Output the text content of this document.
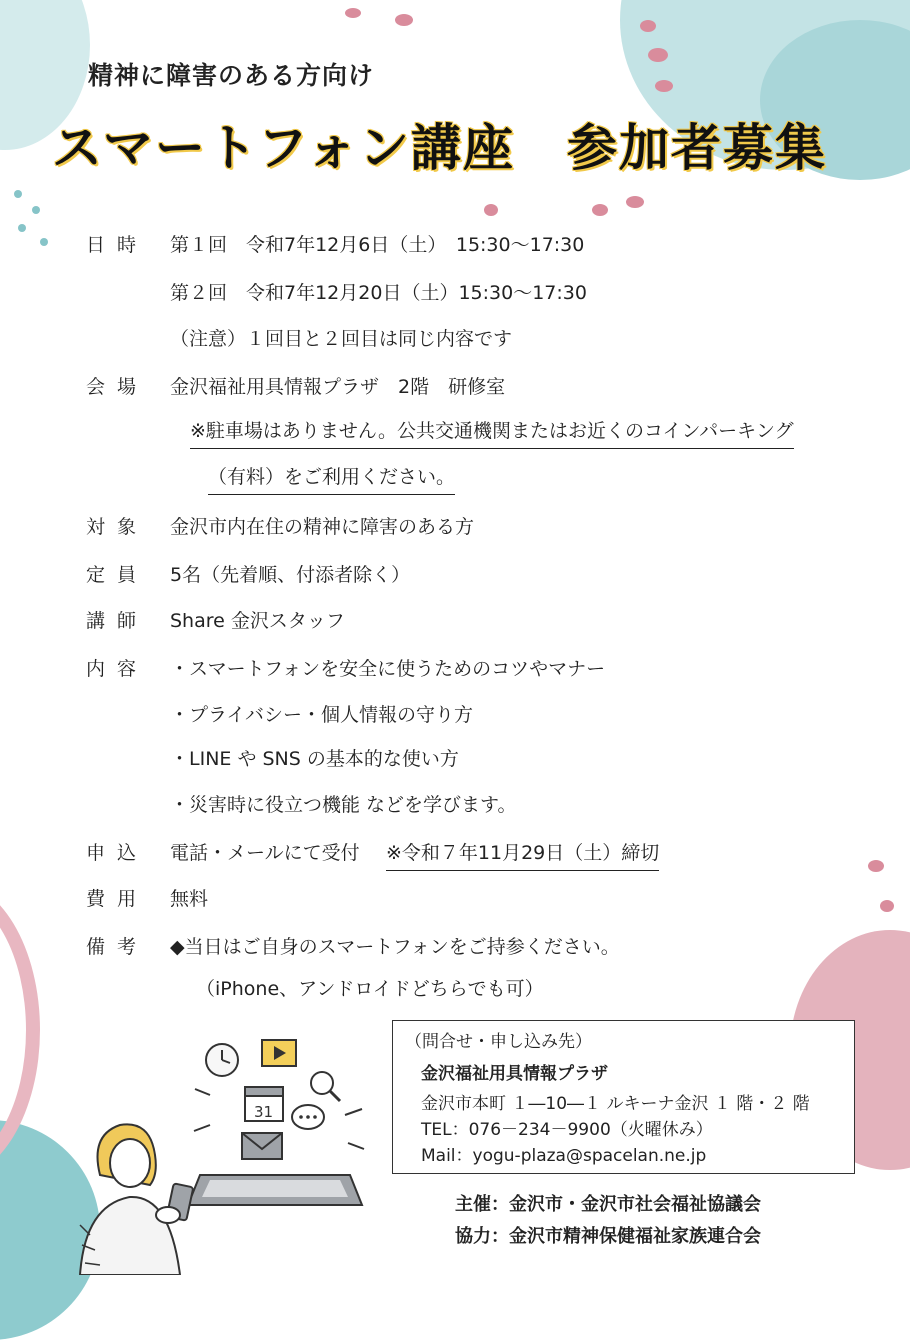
精神に障害のある方向け
スマートフォン講座　参加者募集
日時 第１回　令和7年12月6日（土）　15:30～17:30
第２回　令和7年12月20日（土）15:30～17:30
（注意）１回目と２回目は同じ内容です
会場 金沢福祉用具情報プラザ　2階　研修室
※駐車場はありません。公共交通機関またはお近くのコインパーキング
（有料）をご利用ください。
対象 金沢市内在住の精神に障害のある方
定員 5名（先着順、付添者除く）
講師 Share 金沢スタッフ
内容 ・スマートフォンを安全に使うためのコツやマナー
・プライバシー・個人情報の守り方
・LINE や SNS の基本的な使い方
・災害時に役立つ機能 などを学びます。
申込 電話・メールにて受付 ※令和７年11月29日（土）締切
費用 無料
備考 ◆当日はご自身のスマートフォンをご持参ください。
（iPhone、アンドロイドどちらでも可）
（問合せ・申し込み先）
金沢福祉用具情報プラザ
金沢市本町 １―10―１ ルキーナ金沢 １ 階・２ 階
TEL：076－234－9900（火曜休み）
Mail：yogu-plaza@spacelan.ne.jp
主催：金沢市・金沢市社会福祉協議会
協力：金沢市精神保健福祉家族連合会
31
